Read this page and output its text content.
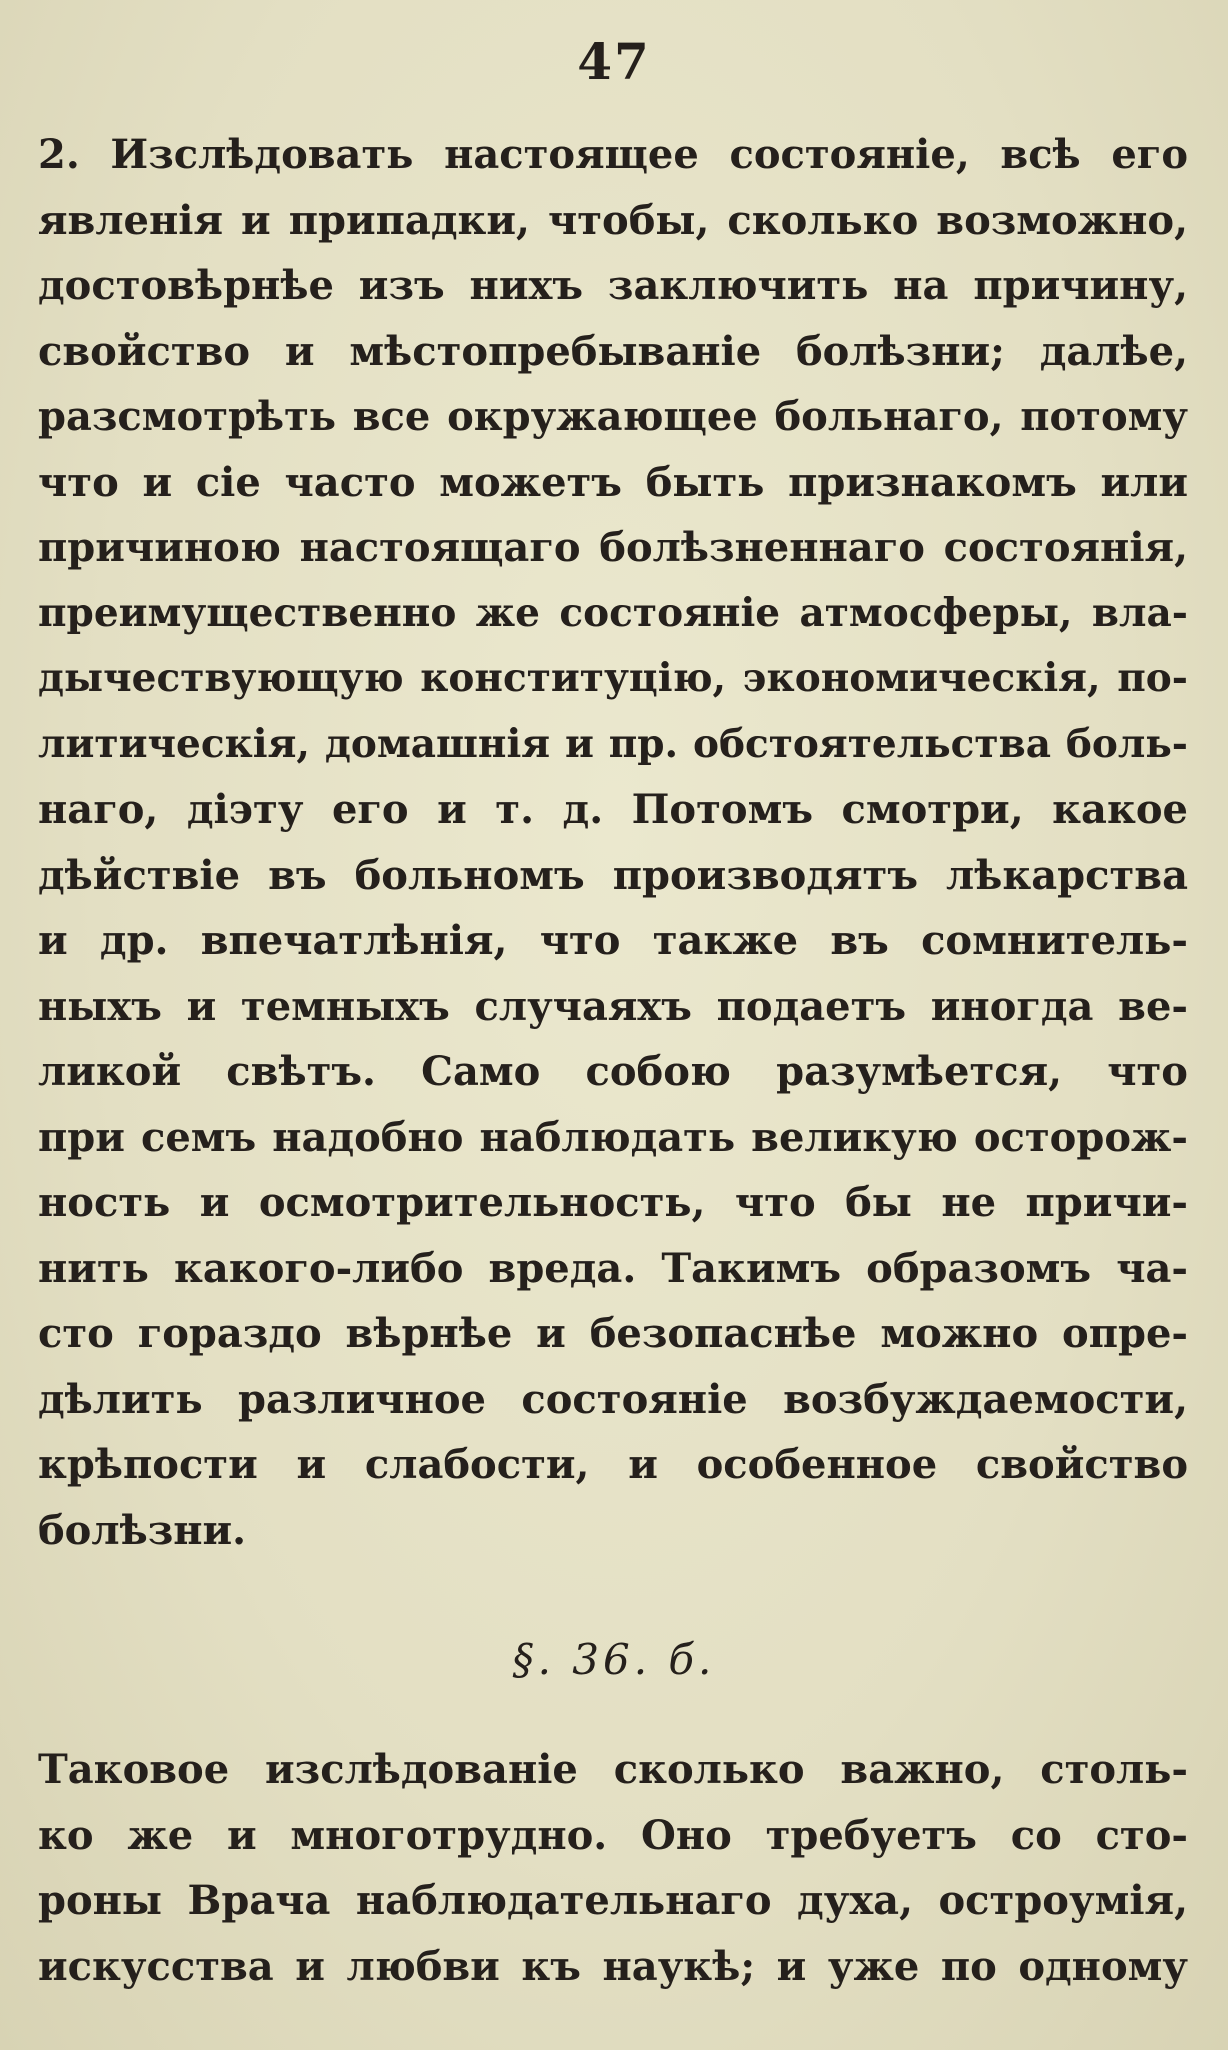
47
2. Изслѣдовать настоящее состоянiе, всѣ его
явленiя и припадки, чтобы, сколько возможно,
достовѣрнѣе изъ нихъ заключить на причину,
свойство и мѣстопребыванiе болѣзни; далѣе,
разсмотрѣть все окружающее больнаго, потому
что и сiе часто можетъ быть признакомъ или
причиною настоящаго болѣзненнаго состоянiя,
преимущественно же состоянiе атмосферы, вла-
дычествующую конституцiю, экономическiя, по-
литическiя, домашнiя и пр. обстоятельства боль-
наго, дiэту его и т. д. Потомъ смотри, какое
дѣйствiе въ больномъ производятъ лѣкарства
и др. впечатлѣнiя, что также въ сомнитель-
ныхъ и темныхъ случаяхъ подаетъ иногда ве-
ликой свѣтъ. Само собою разумѣется, что
при семъ надобно наблюдать великую осторож-
ность и осмотрительность, что бы не причи-
нить какого-либо вреда. Такимъ образомъ ча-
сто гораздо вѣрнѣе и безопаснѣе можно опре-
дѣлить различное состоянiе возбуждаемости,
крѣпости и слабости, и особенное свойство
болѣзни.
§. 36. б.
Таковое изслѣдованiе сколько важно, столь-
ко же и многотрудно. Оно требуетъ со сто-
роны Врача наблюдательнаго духа, остроумiя,
искусства и любви къ наукѣ; и уже по одному
